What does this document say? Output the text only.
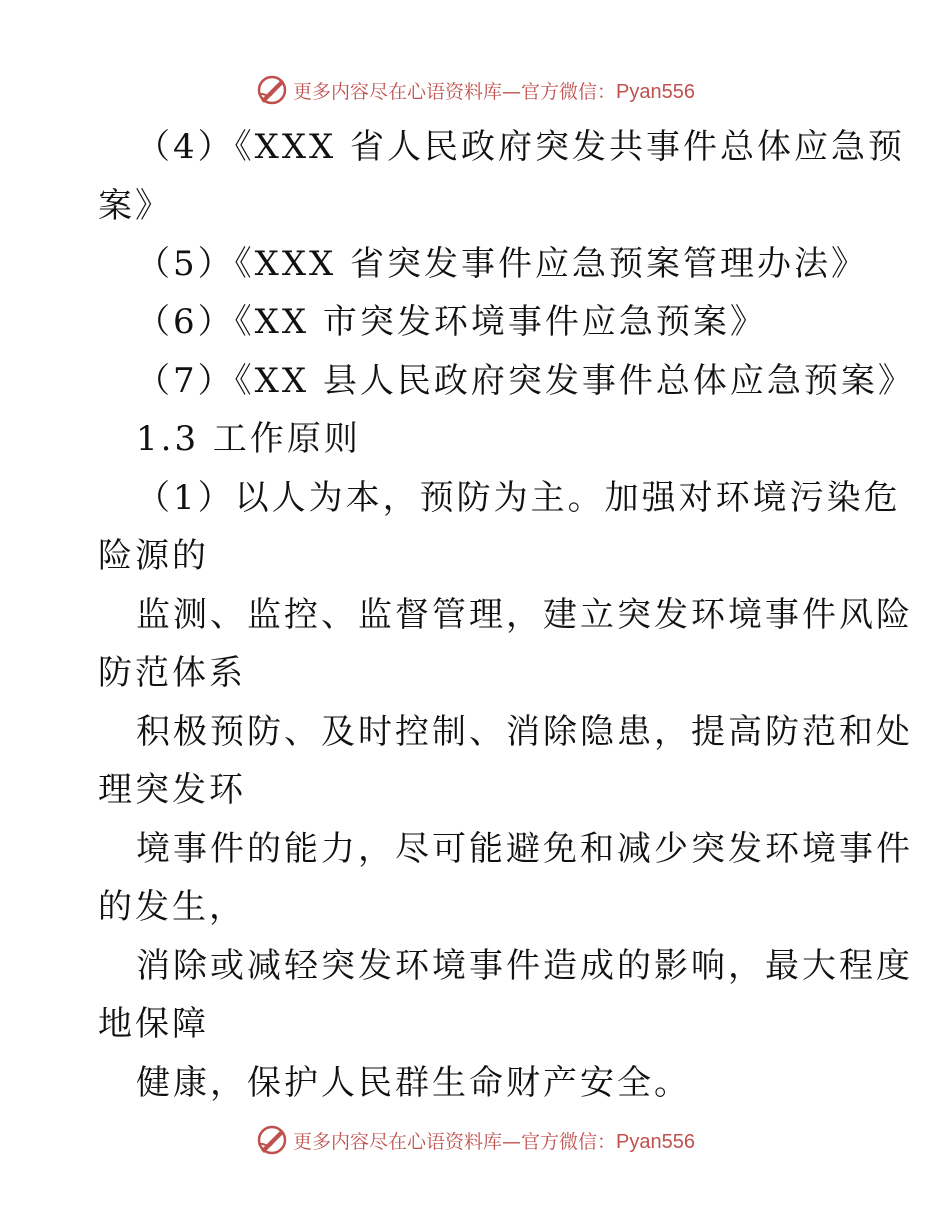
更多内容尽在心语资料库—官方微信：Pyan556
（4）《XXX 省人民政府突发共事件总体应急预
案》
（5）《XXX 省突发事件应急预案管理办法》
（6）《XX 市突发环境事件应急预案》
（7）《XX 县人民政府突发事件总体应急预案》
1.3 工作原则
（1）以人为本，预防为主。加强对环境污染危
险源的
监测、监控、监督管理，建立突发环境事件风险
防范体系
积极预防、及时控制、消除隐患，提高防范和处
理突发环
境事件的能力，尽可能避免和减少突发环境事件
的发生，
消除或减轻突发环境事件造成的影响，最大程度
地保障
健康，保护人民群生命财产安全。
更多内容尽在心语资料库—官方微信：Pyan556
